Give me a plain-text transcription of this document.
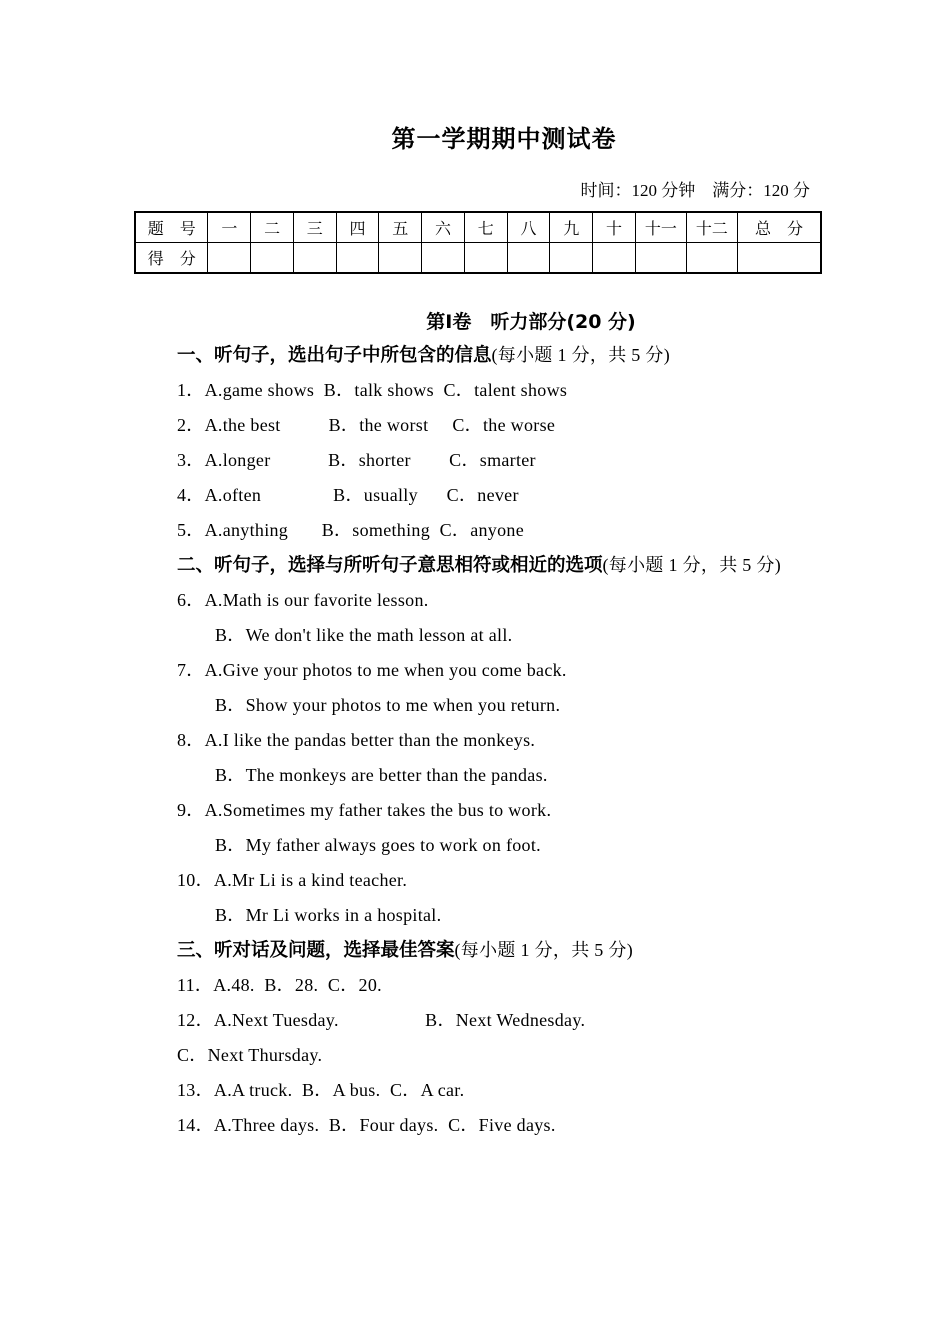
第一学期期中测试卷
时间：120 分钟　满分：120 分
题　号	一	二	三	四	五	六	七	八	九	十	十一	十二	总　分
得　分													
第Ⅰ卷　听力部分(20 分)
一、听句子，选出句子中所包含的信息(每小题 1 分，共 5 分)
1．A.game shows  B．talk shows  C．talent shows
2．A.the best          B．the worst     C．the worse
3．A.longer            B．shorter        C．smarter
4．A.often               B．usually      C．never
5．A.anything       B．something  C．anyone
二、听句子，选择与所听句子意思相符或相近的选项(每小题 1 分，共 5 分)
6．A.Math is our favorite lesson.
B．We don't like the math lesson at all.
7．A.Give your photos to me when you come back.
B．Show your photos to me when you return.
8．A.I like the pandas better than the monkeys.
B．The monkeys are better than the pandas.
9．A.Sometimes my father takes the bus to work.
B．My father always goes to work on foot.
10．A.Mr Li is a kind teacher.
B．Mr Li works in a hospital.
三、听对话及问题，选择最佳答案(每小题 1 分，共 5 分)
11．A.48.  B．28.  C．20.
12．A.Next Tuesday.                  B．Next Wednesday.
C．Next Thursday.
13．A.A truck.  B．A bus.  C．A car.
14．A.Three days.  B．Four days.  C．Five days.
